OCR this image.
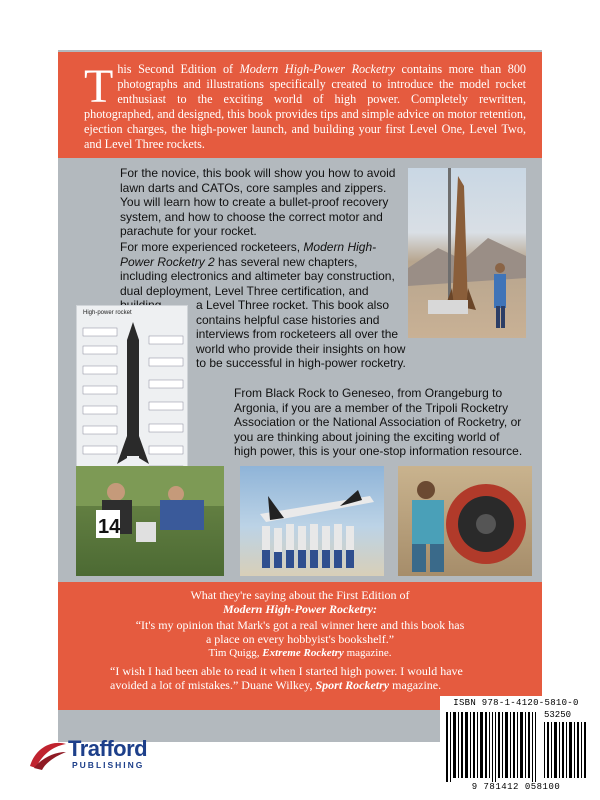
This Second Edition of Modern High-Power Rocketry contains more than 800 photographs and illustrations specifically created to introduce the model rocket enthusiast to the exciting world of high power. Completely rewritten, photographed, and designed, this book provides tips and simple advice on motor retention, ejection charges, the high-power launch, and building your first Level One, Level Two, and Level Three rockets.

For the novice, this book will show you how to avoid lawn darts and CATOs, core samples and zippers. You will learn how to create a bullet-proof recovery system, and how to choose the correct motor and parachute for your rocket.
For more experienced rocketeers, Modern High-Power Rocketry 2 has several new chapters, including electronics and altimeter bay construction, dual deployment, Level Three certification, and
a Level Three rocket. This book also contains helpful case histories and interviews from rocketeers all over the world who provide their insights on how to be successful in high-power rocketry.
High-power rocket
From Black Rock to Geneseo, from Orangeburg to Argonia, if you are a member of the Tripoli Rocketry Association or the National Association of Rocketry, or you are thinking about joining the exciting world of high power, this is your one-stop information resource.
14
What they're saying about the First Edition of
Modern High-Power Rocketry:
“It's my opinion that Mark's got a real winner here and this book has a place on every hobbyist's bookshelf.”
Tim Quigg, Extreme Rocketry magazine.
“I wish I had been able to read it when I started high power. I would have avoided a lot of mistakes.” Duane Wilkey, Sport Rocketry magazine.
ISBN 978-1-4120-5810-0
53250
9 781412 058100
Trafford
PUBLISHING
